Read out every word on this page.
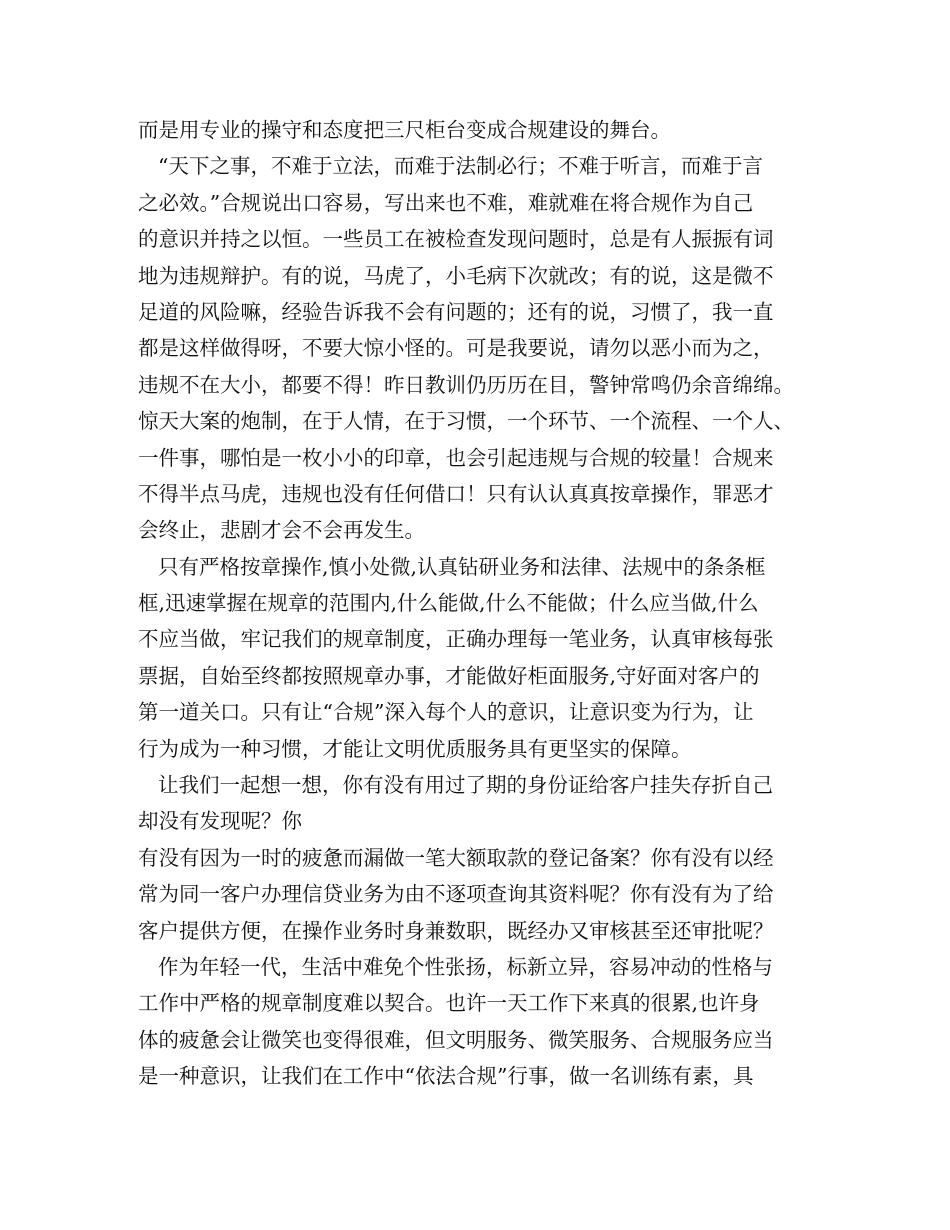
而是用专业的操守和态度把三尺柜台变成合规建设的舞台。
“天下之事，不难于立法，而难于法制必行；不难于听言，而难于言
之必效。”合规说出口容易，写出来也不难，难就难在将合规作为自己
的意识并持之以恒。一些员工在被检查发现问题时，总是有人振振有词
地为违规辩护。有的说，马虎了，小毛病下次就改；有的说，这是微不
足道的风险嘛，经验告诉我不会有问题的；还有的说，习惯了，我一直
都是这样做得呀，不要大惊小怪的。可是我要说，请勿以恶小而为之，
违规不在大小，都要不得！昨日教训仍历历在目，警钟常鸣仍余音绵绵。
惊天大案的炮制，在于人情，在于习惯，一个环节、一个流程、一个人、
一件事，哪怕是一枚小小的印章，也会引起违规与合规的较量！合规来
不得半点马虎，违规也没有任何借口！只有认认真真按章操作，罪恶才
会终止，悲剧才会不会再发生。
只有严格按章操作,慎小处微,认真钻研业务和法律、法规中的条条框
框,迅速掌握在规章的范围内,什么能做,什么不能做；什么应当做,什么
不应当做，牢记我们的规章制度，正确办理每一笔业务，认真审核每张
票据，自始至终都按照规章办事，才能做好柜面服务,守好面对客户的
第一道关口。只有让“合规”深入每个人的意识，让意识变为行为，让
行为成为一种习惯，才能让文明优质服务具有更坚实的保障。
让我们一起想一想，你有没有用过了期的身份证给客户挂失存折自己
却没有发现呢？你
有没有因为一时的疲惫而漏做一笔大额取款的登记备案？你有没有以经
常为同一客户办理信贷业务为由不逐项查询其资料呢？你有没有为了给
客户提供方便，在操作业务时身兼数职，既经办又审核甚至还审批呢？
作为年轻一代，生活中难免个性张扬，标新立异，容易冲动的性格与
工作中严格的规章制度难以契合。也许一天工作下来真的很累,也许身
体的疲惫会让微笑也变得很难，但文明服务、微笑服务、合规服务应当
是一种意识，让我们在工作中“依法合规”行事，做一名训练有素，具
